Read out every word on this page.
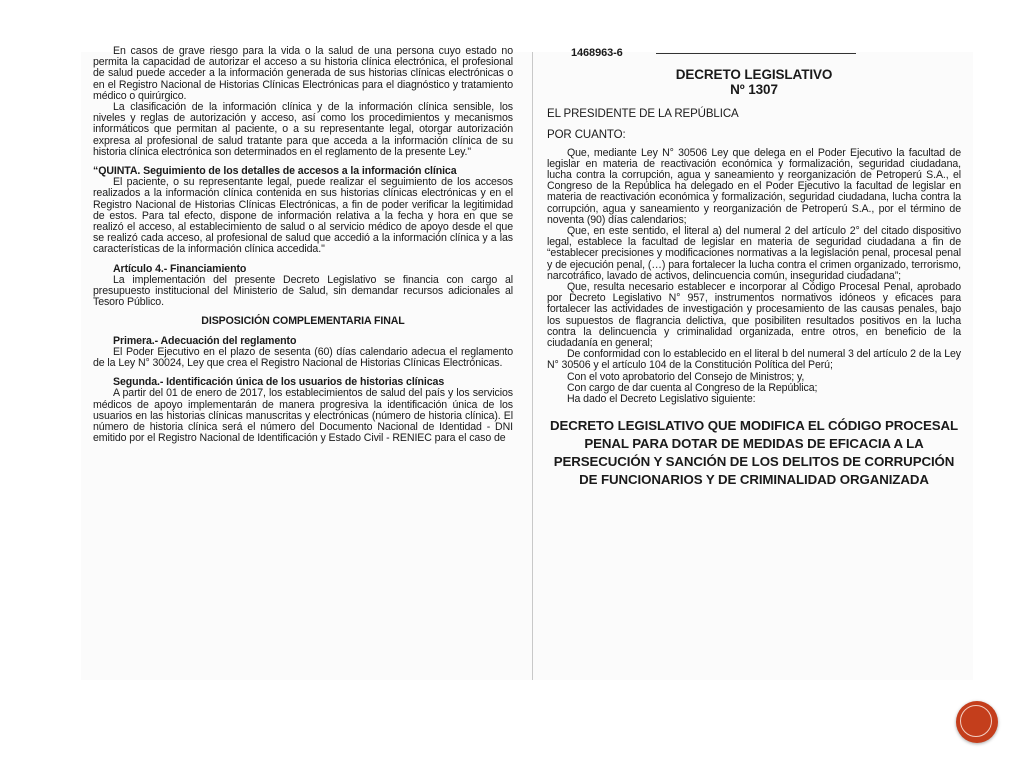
En casos de grave riesgo para la vida o la salud de una persona cuyo estado no permita la capacidad de autorizar el acceso a su historia clínica electrónica, el profesional de salud puede acceder a la información generada de sus historias clínicas electrónicas o en el Registro Nacional de Historias Clínicas Electrónicas para el diagnóstico y tratamiento médico o quirúrgico.

La clasificación de la información clínica y de la información clínica sensible, los niveles y reglas de autorización y acceso, así como los procedimientos y mecanismos informáticos que permitan al paciente, o a su representante legal, otorgar autorización expresa al profesional de salud tratante para que acceda a la información clínica de su historia clínica electrónica son determinados en el reglamento de la presente Ley."

“QUINTA. Seguimiento de los detalles de accesos a la información clínica

El paciente, o su representante legal, puede realizar el seguimiento de los accesos realizados a la información clínica contenida en sus historias clínicas electrónicas y en el Registro Nacional de Historias Clínicas Electrónicas, a fin de poder verificar la legitimidad de estos. Para tal efecto, dispone de información relativa a la fecha y hora en que se realizó el acceso, al establecimiento de salud o al servicio médico de apoyo desde el que se realizó cada acceso, al profesional de salud que accedió a la información clínica y a las características de la información clínica accedida."

Artículo 4.- Financiamiento

La implementación del presente Decreto Legislativo se financia con cargo al presupuesto institucional del Ministerio de Salud, sin demandar recursos adicionales al Tesoro Público.

DISPOSICIÓN COMPLEMENTARIA FINAL

Primera.- Adecuación del reglamento

El Poder Ejecutivo en el plazo de sesenta (60) días calendario adecua el reglamento de la Ley N° 30024, Ley que crea el Registro Nacional de Historias Clínicas Electrónicas.

Segunda.- Identificación única de los usuarios de historias clínicas

A partir del 01 de enero de 2017, los establecimientos de salud del país y los servicios médicos de apoyo implementarán de manera progresiva la identificación única de los usuarios en las historias clínicas manuscritas y electrónicas (número de historia clínica). El número de historia clínica será el número del Documento Nacional de Identidad - DNI emitido por el Registro Nacional de Identificación y Estado Civil - RENIEC para el caso de

1468963-6

DECRETO LEGISLATIVO
Nº 1307

EL PRESIDENTE DE LA REPÚBLICA

POR CUANTO:

Que, mediante Ley N° 30506 Ley que delega en el Poder Ejecutivo la facultad de legislar en materia de reactivación económica y formalización, seguridad ciudadana, lucha contra la corrupción, agua y saneamiento y reorganización de Petroperú S.A., el Congreso de la República ha delegado en el Poder Ejecutivo la facultad de legislar en materia de reactivación económica y formalización, seguridad ciudadana, lucha contra la corrupción, agua y saneamiento y reorganización de Petroperú S.A., por el término de noventa (90) días calendarios;

Que, en este sentido, el literal a) del numeral 2 del artículo 2° del citado dispositivo legal, establece la facultad de legislar en materia de seguridad ciudadana a fin de “establecer precisiones y modificaciones normativas a la legislación penal, procesal penal y de ejecución penal, (…) para fortalecer la lucha contra el crimen organizado, terrorismo, narcotráfico, lavado de activos, delincuencia común, inseguridad ciudadana”;

Que, resulta necesario establecer e incorporar al Código Procesal Penal, aprobado por Decreto Legislativo N° 957, instrumentos normativos idóneos y eficaces para fortalecer las actividades de investigación y procesamiento de las causas penales, bajo los supuestos de flagrancia delictiva, que posibiliten resultados positivos en la lucha contra la delincuencia y criminalidad organizada, entre otros, en beneficio de la ciudadanía en general;

De conformidad con lo establecido en el literal b del numeral 3 del artículo 2 de la Ley N° 30506 y el artículo 104 de la Constitución Política del Perú;

Con el voto aprobatorio del Consejo de Ministros; y,

Con cargo de dar cuenta al Congreso de la República;

Ha dado el Decreto Legislativo siguiente:

DECRETO LEGISLATIVO QUE MODIFICA EL CÓDIGO PROCESAL PENAL PARA DOTAR DE MEDIDAS DE EFICACIA A LA PERSECUCIÓN Y SANCIÓN DE LOS DELITOS DE CORRUPCIÓN DE FUNCIONARIOS Y DE CRIMINALIDAD ORGANIZADA
